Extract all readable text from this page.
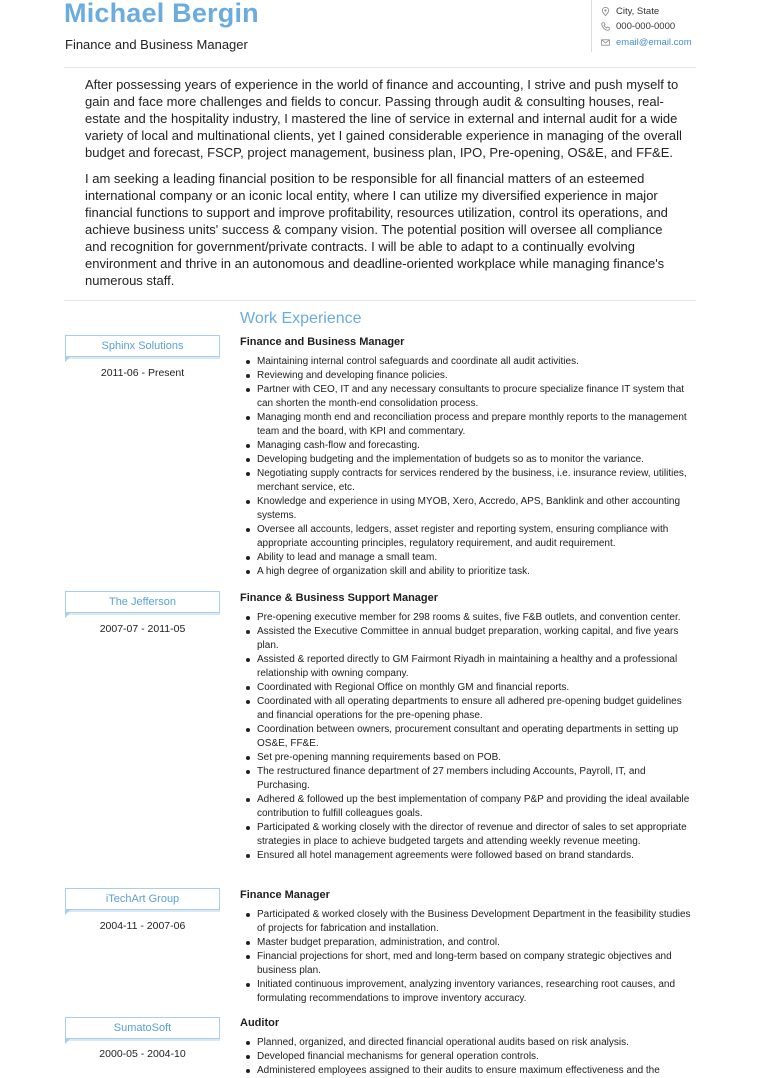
Michael Bergin
Finance and Business Manager
City, State
000-000-0000
email@email.com

After possessing years of experience in the world of finance and accounting, I strive and push myself to gain and face more challenges and fields to concur. Passing through audit & consulting houses, real-estate and the hospitality industry, I mastered the line of service in external and internal audit for a wide variety of local and multinational clients, yet I gained considerable experience in managing of the overall budget and forecast, FSCP, project management, business plan, IPO, Pre-opening, OS&E, and FF&E.

I am seeking a leading financial position to be responsible for all financial matters of an esteemed international company or an iconic local entity, where I can utilize my diversified experience in major financial functions to support and improve profitability, resources utilization, control its operations, and achieve business units' success & company vision. The potential position will oversee all compliance and recognition for government/private contracts. I will be able to adapt to a continually evolving environment and thrive in an autonomous and deadline-oriented workplace while managing finance's numerous staff.

Work Experience
Sphinx Solutions
2011-06 - Present
Finance and Business Manager
Maintaining internal control safeguards and coordinate all audit activities.
Reviewing and developing finance policies.
Partner with CEO, IT and any necessary consultants to procure specialize finance IT system that can shorten the month-end consolidation process.
Managing month end and reconciliation process and prepare monthly reports to the management team and the board, with KPI and commentary.
Managing cash-flow and forecasting.
Developing budgeting and the implementation of budgets so as to monitor the variance.
Negotiating supply contracts for services rendered by the business, i.e. insurance review, utilities, merchant service, etc.
Knowledge and experience in using MYOB, Xero, Accredo, APS, Banklink and other accounting systems.
Oversee all accounts, ledgers, asset register and reporting system, ensuring compliance with appropriate accounting principles, regulatory requirement, and audit requirement.
Ability to lead and manage a small team.
A high degree of organization skill and ability to prioritize task.
The Jefferson
2007-07 - 2011-05
Finance & Business Support Manager
Pre-opening executive member for 298 rooms & suites, five F&B outlets, and convention center.
Assisted the Executive Committee in annual budget preparation, working capital, and five years plan.
Assisted & reported directly to GM Fairmont Riyadh in maintaining a healthy and a professional relationship with owning company.
Coordinated with Regional Office on monthly GM and financial reports.
Coordinated with all operating departments to ensure all adhered pre-opening budget guidelines and financial operations for the pre-opening phase.
Coordination between owners, procurement consultant and operating departments in setting up OS&E, FF&E.
Set pre-opening manning requirements based on POB.
The restructured finance department of 27 members including Accounts, Payroll, IT, and Purchasing.
Adhered & followed up the best implementation of company P&P and providing the ideal available contribution to fulfill colleagues goals.
Participated & working closely with the director of revenue and director of sales to set appropriate strategies in place to achieve budgeted targets and attending weekly revenue meeting.
Ensured all hotel management agreements were followed based on brand standards.
iTechArt Group
2004-11 - 2007-06
Finance Manager
Participated & worked closely with the Business Development Department in the feasibility studies of projects for fabrication and installation.
Master budget preparation, administration, and control.
Financial projections for short, med and long-term based on company strategic objectives and business plan.
Initiated continuous improvement, analyzing inventory variances, researching root causes, and formulating recommendations to improve inventory accuracy.
SumatoSoft
2000-05 - 2004-10
Auditor
Planned, organized, and directed financial operational audits based on risk analysis.
Developed financial mechanisms for general operation controls.
Administered employees assigned to their audits to ensure maximum effectiveness and the
